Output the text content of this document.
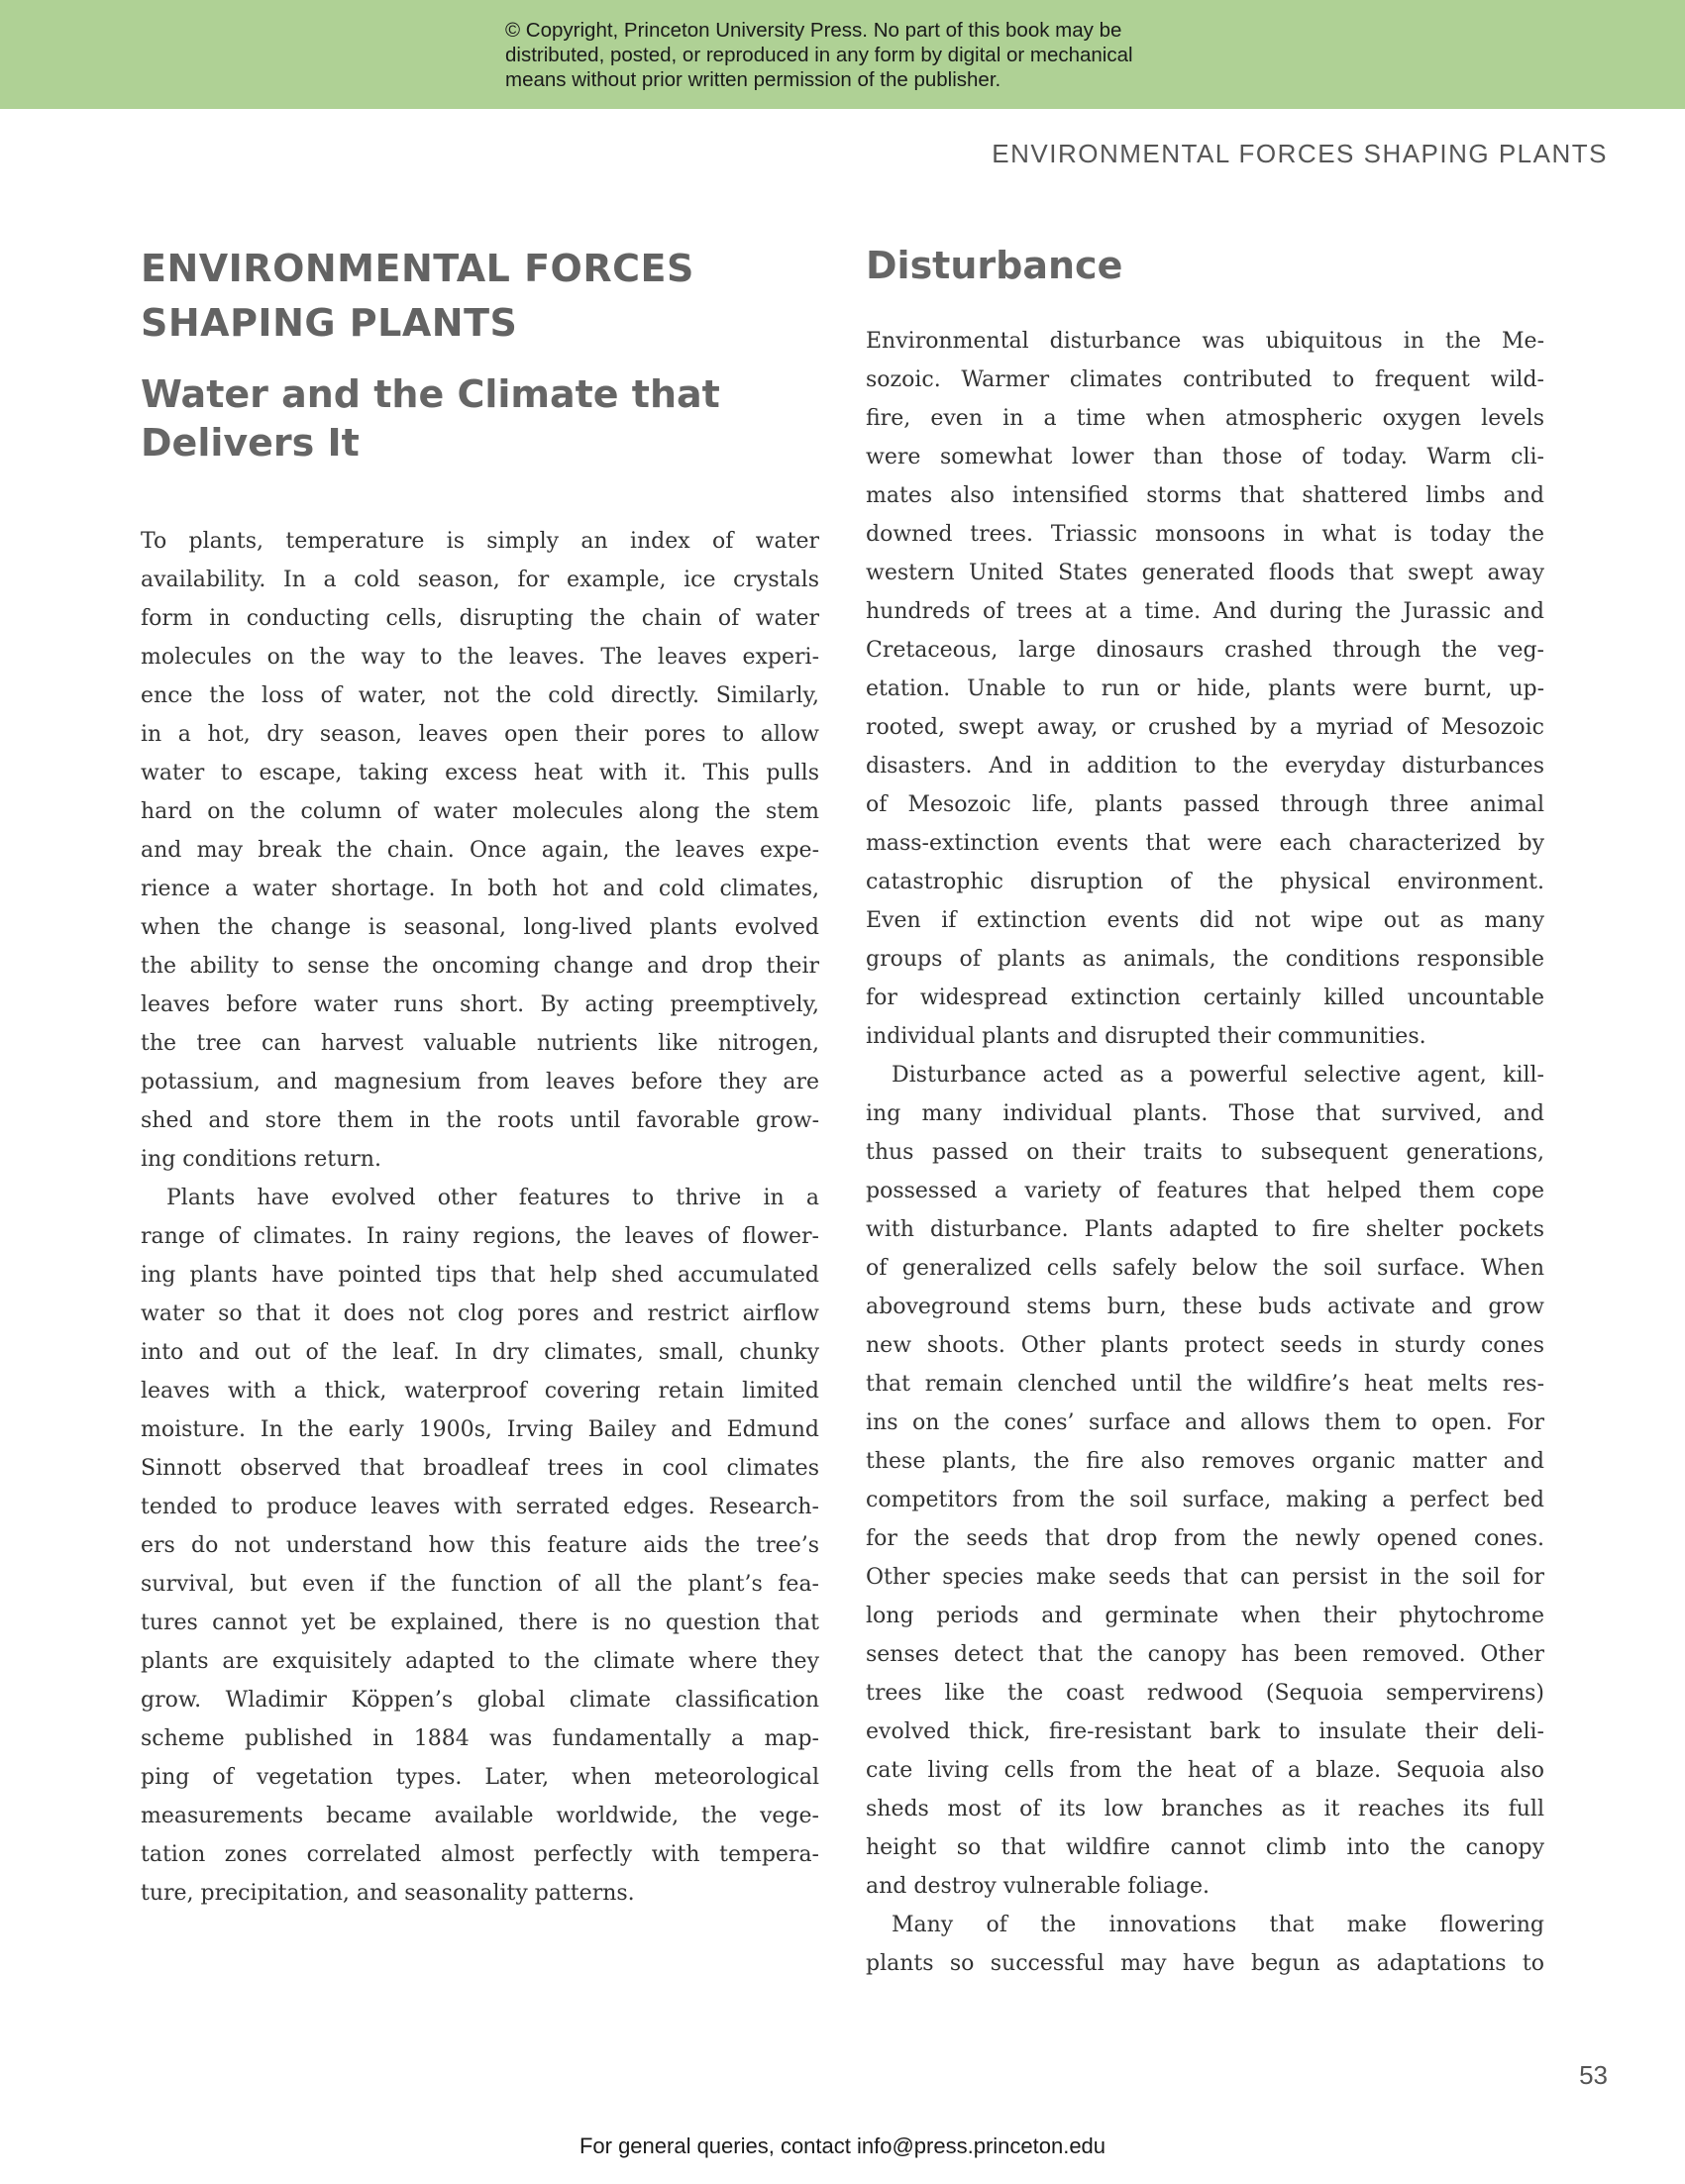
© Copyright, Princeton University Press. No part of this book may be
distributed, posted, or reproduced in any form by digital or mechanical
means without prior written permission of the publisher.
ENVIRONMENTAL FORCES SHAPING PLANTS
ENVIRONMENTAL FORCES
SHAPING PLANTS
Water and the Climate that
Delivers It
To plants, temperature is simply an index of water
availability. In a cold season, for example, ice crystals
form in conducting cells, disrupting the chain of water
molecules on the way to the leaves. The leaves experi-
ence the loss of water, not the cold directly. Similarly,
in a hot, dry season, leaves open their pores to allow
water to escape, taking excess heat with it. This pulls
hard on the column of water molecules along the stem
and may break the chain. Once again, the leaves expe-
rience a water shortage. In both hot and cold climates,
when the change is seasonal, long-lived plants evolved
the ability to sense the oncoming change and drop their
leaves before water runs short. By acting preemptively,
the tree can harvest valuable nutrients like nitrogen,
potassium, and magnesium from leaves before they are
shed and store them in the roots until favorable grow-
ing conditions return.
Plants have evolved other features to thrive in a
range of climates. In rainy regions, the leaves of flower-
ing plants have pointed tips that help shed accumulated
water so that it does not clog pores and restrict airflow
into and out of the leaf. In dry climates, small, chunky
leaves with a thick, waterproof covering retain limited
moisture. In the early 1900s, Irving Bailey and Edmund
Sinnott observed that broadleaf trees in cool climates
tended to produce leaves with serrated edges. Research-
ers do not understand how this feature aids the tree’s
survival, but even if the function of all the plant’s fea-
tures cannot yet be explained, there is no question that
plants are exquisitely adapted to the climate where they
grow. Wladimir Köppen’s global climate classification
scheme published in 1884 was fundamentally a map-
ping of vegetation types. Later, when meteorological
measurements became available worldwide, the vege-
tation zones correlated almost perfectly with tempera-
ture, precipitation, and seasonality patterns.
Disturbance
Environmental disturbance was ubiquitous in the Me-
sozoic. Warmer climates contributed to frequent wild-
fire, even in a time when atmospheric oxygen levels
were somewhat lower than those of today. Warm cli-
mates also intensified storms that shattered limbs and
downed trees. Triassic monsoons in what is today the
western United States generated floods that swept away
hundreds of trees at a time. And during the Jurassic and
Cretaceous, large dinosaurs crashed through the veg-
etation. Unable to run or hide, plants were burnt, up-
rooted, swept away, or crushed by a myriad of Mesozoic
disasters. And in addition to the everyday disturbances
of Mesozoic life, plants passed through three animal
mass-extinction events that were each characterized by
catastrophic disruption of the physical environment.
Even if extinction events did not wipe out as many
groups of plants as animals, the conditions responsible
for widespread extinction certainly killed uncountable
individual plants and disrupted their communities.
Disturbance acted as a powerful selective agent, kill-
ing many individual plants. Those that survived, and
thus passed on their traits to subsequent generations,
possessed a variety of features that helped them cope
with disturbance. Plants adapted to fire shelter pockets
of generalized cells safely below the soil surface. When
aboveground stems burn, these buds activate and grow
new shoots. Other plants protect seeds in sturdy cones
that remain clenched until the wildfire’s heat melts res-
ins on the cones’ surface and allows them to open. For
these plants, the fire also removes organic matter and
competitors from the soil surface, making a perfect bed
for the seeds that drop from the newly opened cones.
Other species make seeds that can persist in the soil for
long periods and germinate when their phytochrome
senses detect that the canopy has been removed. Other
trees like the coast redwood (Sequoia sempervirens)
evolved thick, fire-resistant bark to insulate their deli-
cate living cells from the heat of a blaze. Sequoia also
sheds most of its low branches as it reaches its full
height so that wildfire cannot climb into the canopy
and destroy vulnerable foliage.
Many of the innovations that make flowering
plants so successful may have begun as adaptations to
53
For general queries, contact info@press.princeton.edu
